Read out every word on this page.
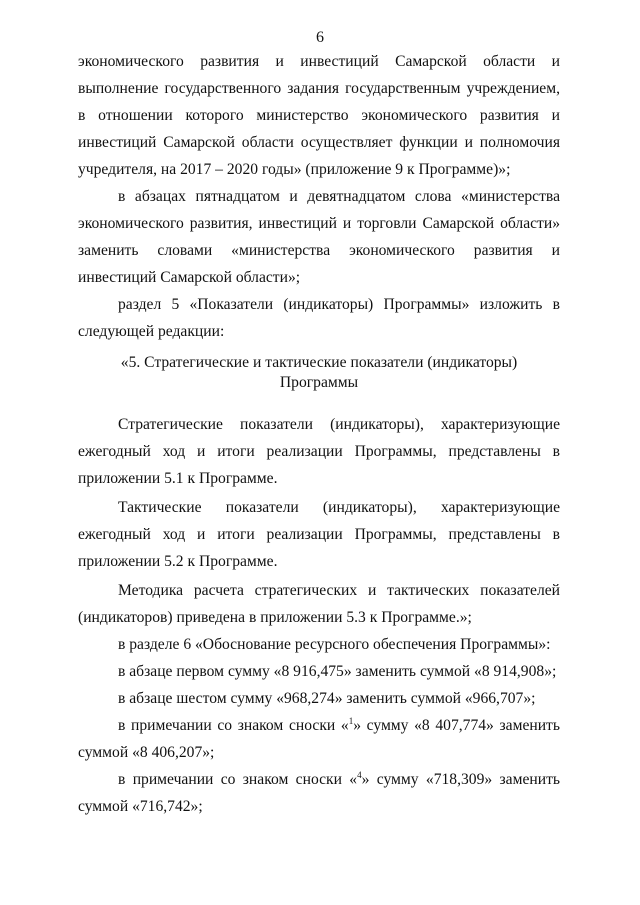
6

экономического развития и инвестиций Самарской области и выполнение государственного задания государственным учреждением, в отношении которого министерство экономического развития и инвестиций Самарской области осуществляет функции и полномочия учредителя, на 2017 – 2020 годы» (приложение 9 к Программе)»;

в абзацах пятнадцатом и девятнадцатом слова «министерства экономического развития, инвестиций и торговли Самарской области» заменить словами «министерства экономического развития и инвестиций Самарской области»;

раздел 5 «Показатели (индикаторы) Программы» изложить в следующей редакции:

«5. Стратегические и тактические показатели (индикаторы)
Программы

Стратегические показатели (индикаторы), характеризующие ежегодный ход и итоги реализации Программы, представлены в приложении 5.1 к Программе.

Тактические показатели (индикаторы), характеризующие ежегодный ход и итоги реализации Программы, представлены в приложении 5.2 к Программе.

Методика расчета стратегических и тактических показателей (индикаторов) приведена в приложении 5.3 к Программе.»;

в разделе 6 «Обоснование ресурсного обеспечения Программы»:

в абзаце первом сумму «8 916,475» заменить суммой «8 914,908»;

в абзаце шестом сумму «968,274» заменить суммой «966,707»;

в примечании со знаком сноски «$^1$» сумму «8 407,774» заменить суммой «8 406,207»;

в примечании со знаком сноски «$^4$» сумму «718,309» заменить суммой «716,742»;
